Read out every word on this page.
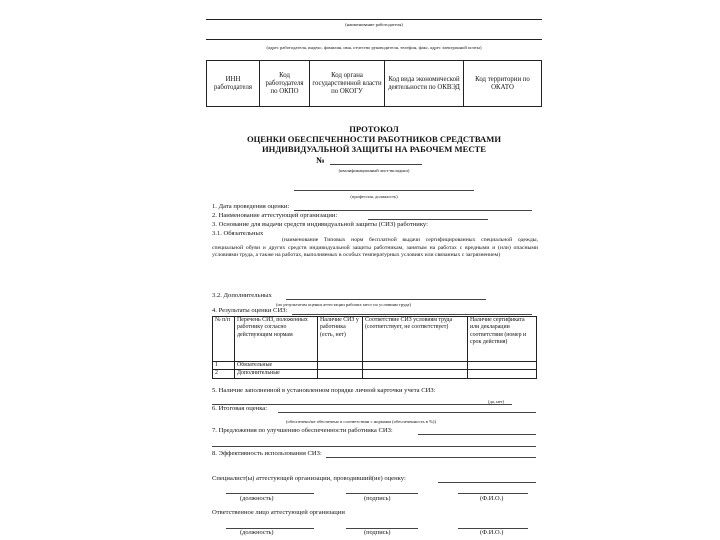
(наименование работодателя)
(адрес работодателя, индекс, фамилия, имя, отчество руководителя, телефон, факс, адрес электронной почты)
ИНН работодателя	Код работодателя по ОКПО	Код органа государственной власти по ОКОГУ	Код вида экономической деятельности по ОКВЭД	Код территории по ОКАТО
ПРОТОКОЛ
ОЦЕНКИ ОБЕСПЕЧЕННОСТИ РАБОТНИКОВ СРЕДСТВАМИ
ИНДИВИДУАЛЬНОЙ ЗАЩИТЫ НА РАБОЧЕМ МЕСТЕ
№
(квалификационный лист-вкладыш)
(профессия, должность)
1. Дата проведения оценки:
2. Наименование аттестующей организации:
3. Основание для выдачи средств индивидуальной защиты (СИЗ) работнику:
3.1. Обязательных
(наименование Типовых норм бесплатной выдачи сертифицированных специальной одежды, специальной обуви и других средств индивидуальной защиты работникам, занятым на работах с вредными и (или) опасными условиями труда, а также на работах, выполняемых в особых температурных условиях или связанных с загрязнением)
3.2. Дополнительных
(по результатам оценки аттестации рабочих мест по условиям труда)
4. Результаты оценки СИЗ:
№ п/п	Перечень СИЗ, положенных работнику согласно действующим нормам	Наличие СИЗ у работника (есть, нет)	Соответствие СИЗ условиям труда (соответствует, не соответствует)	Наличие сертификата или декларации соответствия (номер и срок действия)
1	Обязательные			
2	Дополнительные			
5. Наличие заполненной в установленном порядке личной карточки учета СИЗ:
(да, нет)
6. Итоговая оценка:
(обеспечено/не обеспечено в соответствии с нормами (обеспеченность в %))
7. Предложения по улучшению обеспеченности работника СИЗ:
8. Эффективность использования СИЗ:
Специалист(ы) аттестующей организации, проводивший(ие) оценку:
(должность)	(подпись)	(Ф.И.О.)
Ответственное лицо аттестующей организации
(должность)	(подпись)	(Ф.И.О.)
